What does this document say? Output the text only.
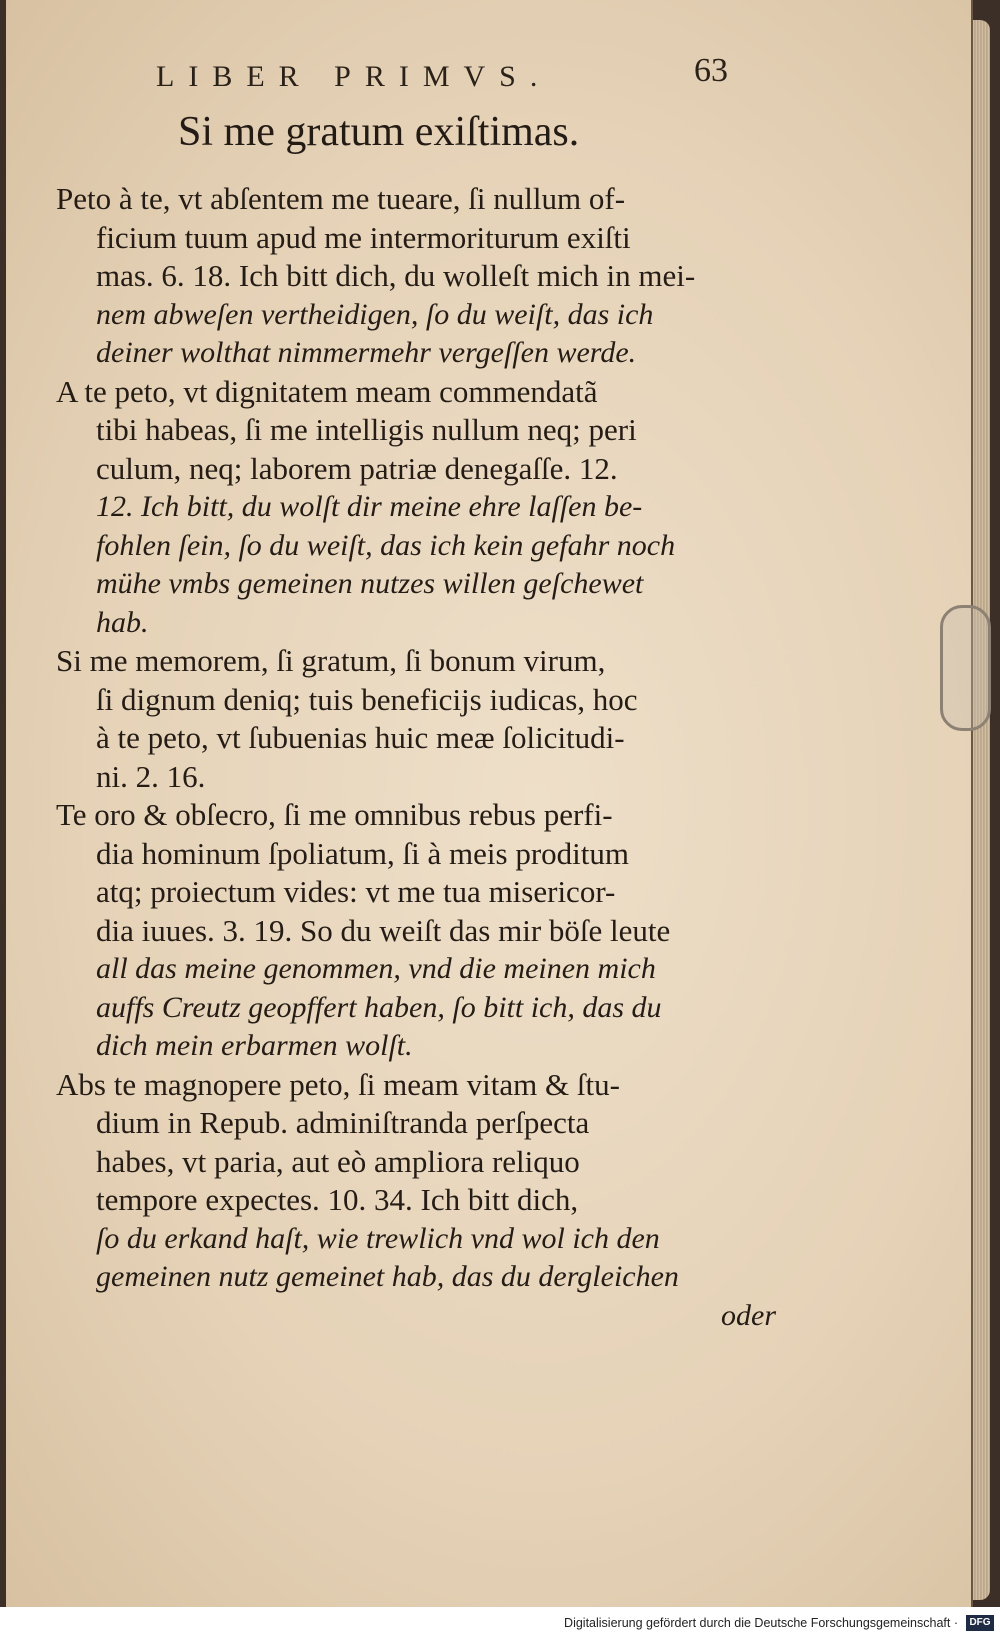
LIBER PRIMVS.	63
Si me gratum exiſtimas.
Peto à te, vt abſentem me tueare, ſi nullum of-
ficium tuum apud me intermoriturum exiſti
mas. 6. 18. Ich bitt dich, du wolleſt mich in mei-
nem abweſen vertheidigen, ſo du weiſt, das ich
deiner wolthat nimmermehr vergeſſen werde.
A te peto, vt dignitatem meam commendatã
tibi habeas, ſi me intelligis nullum neq; peri
culum, neq; laborem patriæ denegaſſe. 12.
12. Ich bitt, du wolſt dir meine ehre laſſen be-
fohlen ſein, ſo du weiſt, das ich kein gefahr noch
mühe vmbs gemeinen nutzes willen geſchewet
hab.
Si me memorem, ſi gratum, ſi bonum virum,
ſi dignum deniq; tuis beneficijs iudicas, hoc
à te peto, vt ſubuenias huic meæ ſolicitudi-
ni. 2. 16.
Te oro & obſecro, ſi me omnibus rebus perfi-
dia hominum ſpoliatum, ſi à meis proditum
atq; proiectum vides: vt me tua misericor-
dia iuues. 3. 19. So du weiſt das mir böſe leute
all das meine genommen, vnd die meinen mich
auffs Creutz geopffert haben, ſo bitt ich, das du
dich mein erbarmen wolſt.
Abs te magnopere peto, ſi meam vitam & ſtu-
dium in Repub. adminiſtranda perſpecta
habes, vt paria, aut eò ampliora reliquo
tempore expectes. 10. 34. Ich bitt dich,
ſo du erkand haſt, wie trewlich vnd wol ich den
gemeinen nutz gemeinet hab, das du dergleichen
oder
Digitalisierung gefördert durch die Deutsche Forschungsgemeinschaft ·	DFG
